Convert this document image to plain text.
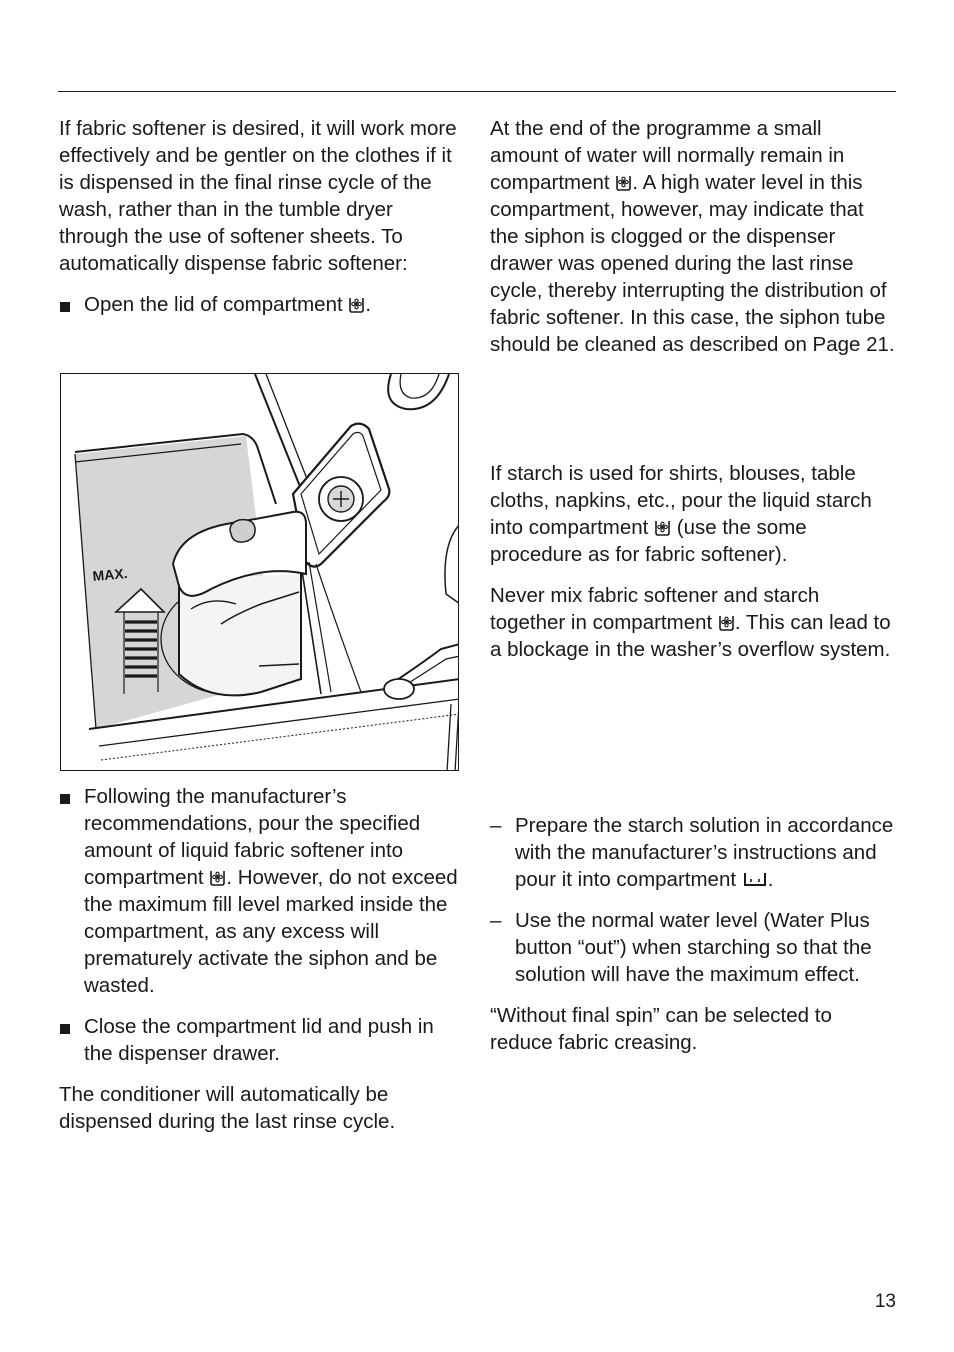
If fabric softener is desired, it will work more effectively and be gentler on the clothes if it is dispensed in the final rinse cycle of the wash, rather than in the tumble dryer through the use of softener sheets. To automatically dispense fabric softener:

Open the lid of compartment .

MAX.

Following the manufacturer’s recommendations, pour the specified amount of liquid fabric softener into compartment . However, do not exceed the maximum fill level marked inside the compartment, as any excess will prematurely activate the siphon and be wasted.

Close the compartment lid and push in the dispenser drawer.

The conditioner will automatically be dispensed during the last rinse cycle.

At the end of the programme a small amount of water will normally remain in compartment . A high water level in this compartment, however, may indicate that the siphon is clogged or the dispenser drawer was opened during the last rinse cycle, thereby interrupting the distribution of fabric softener. In this case, the siphon tube should be cleaned as described on Page 21.

If starch is used for shirts, blouses, table cloths, napkins, etc., pour the liquid starch into compartment (use the some procedure as for fabric softener).

Never mix fabric softener and starch together in compartment . This can lead to a blockage in the washer’s overflow system.

– Prepare the starch solution in accordance with the manufacturer’s instructions and pour it into compartment .

– Use the normal water level (Water Plus button “out”) when starching so that the solution will have the maximum effect.

“Without final spin” can be selected to reduce fabric creasing.

13
